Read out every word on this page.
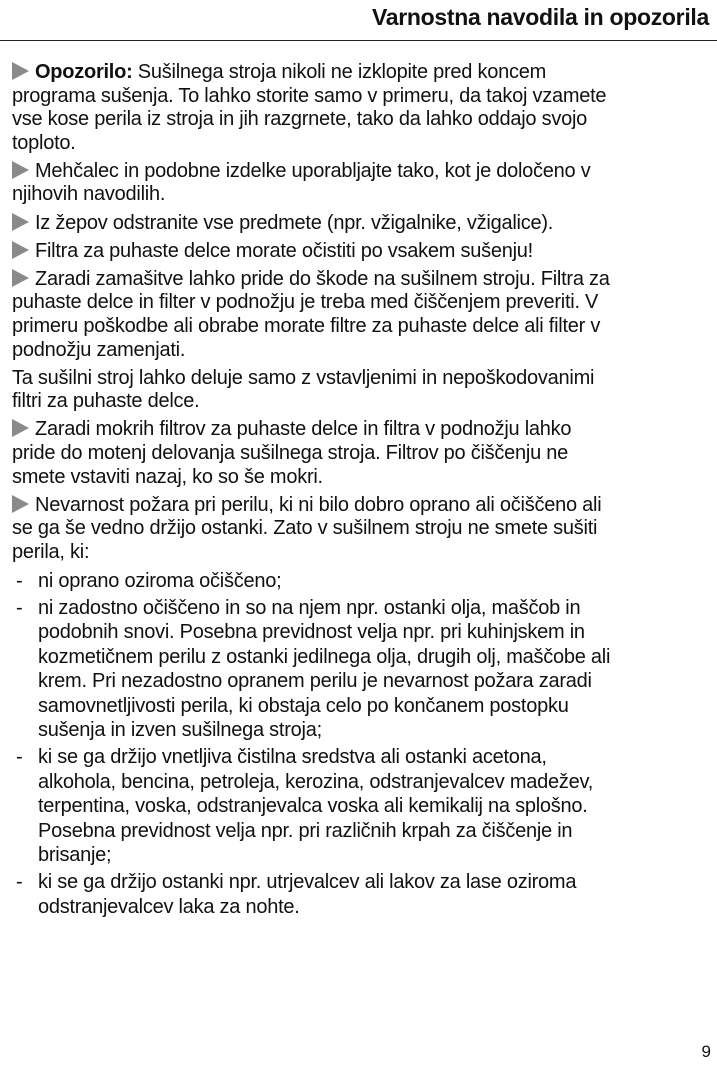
Varnostna navodila in opozorila
Opozorilo: Sušilnega stroja nikoli ne izklopite pred koncem
programa sušenja. To lahko storite samo v primeru, da takoj vzamete
vse kose perila iz stroja in jih razgrnete, tako da lahko oddajo svojo
toploto.
Mehčalec in podobne izdelke uporabljajte tako, kot je določeno v
njihovih navodilih.
Iz žepov odstranite vse predmete (npr. vžigalnike, vžigalice).
Filtra za puhaste delce morate očistiti po vsakem sušenju!
Zaradi zamašitve lahko pride do škode na sušilnem stroju. Filtra za
puhaste delce in filter v podnožju je treba med čiščenjem preveriti. V
primeru poškodbe ali obrabe morate filtre za puhaste delce ali filter v
podnožju zamenjati.
Ta sušilni stroj lahko deluje samo z vstavljenimi in nepoškodovanimi
filtri za puhaste delce.
Zaradi mokrih filtrov za puhaste delce in filtra v podnožju lahko
pride do motenj delovanja sušilnega stroja. Filtrov po čiščenju ne
smete vstaviti nazaj, ko so še mokri.
Nevarnost požara pri perilu, ki ni bilo dobro oprano ali očiščeno ali
se ga še vedno držijo ostanki. Zato v sušilnem stroju ne smete sušiti
perila, ki:
- ni oprano oziroma očiščeno;
- ni zadostno očiščeno in so na njem npr. ostanki olja, maščob in
podobnih snovi. Posebna previdnost velja npr. pri kuhinjskem in
kozmetičnem perilu z ostanki jedilnega olja, drugih olj, maščobe ali
krem. Pri nezadostno opranem perilu je nevarnost požara zaradi
samovnetljivosti perila, ki obstaja celo po končanem postopku
sušenja in izven sušilnega stroja;
- ki se ga držijo vnetljiva čistilna sredstva ali ostanki acetona,
alkohola, bencina, petroleja, kerozina, odstranjevalcev madežev,
terpentina, voska, odstranjevalca voska ali kemikalij na splošno.
Posebna previdnost velja npr. pri različnih krpah za čiščenje in
brisanje;
- ki se ga držijo ostanki npr. utrjevalcev ali lakov za lase oziroma
odstranjevalcev laka za nohte.
9
